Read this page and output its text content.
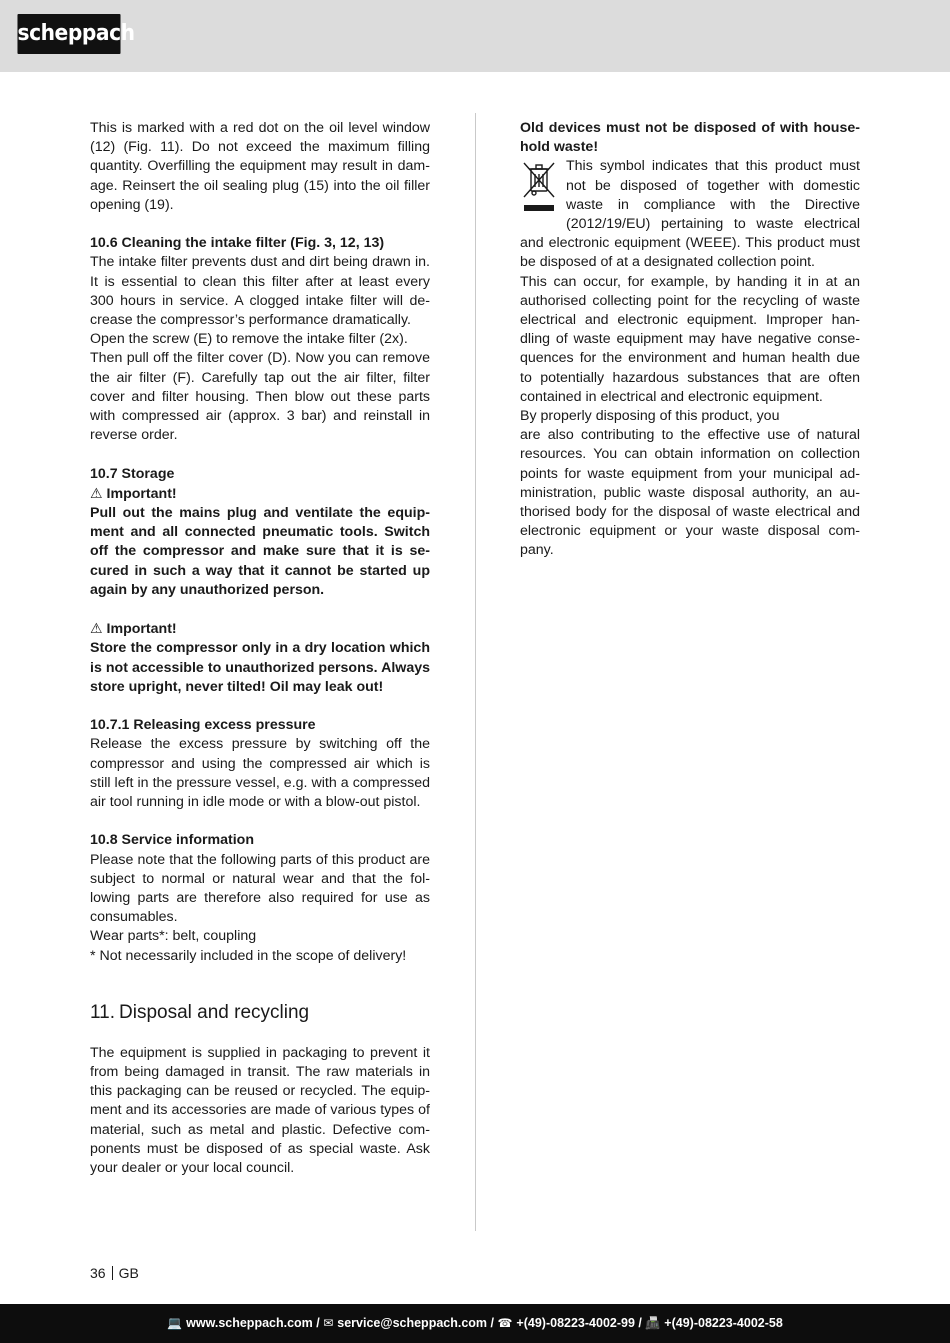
scheppach

This is marked with a red dot on the oil level window (12) (Fig. 11). Do not exceed the maximum filling quantity. Overfilling the equipment may result in damage. Reinsert the oil sealing plug (15) into the oil filler opening (19).

10.6 Cleaning the intake filter (Fig. 3, 12, 13)

The intake filter prevents dust and dirt being drawn in. It is essential to clean this filter after at least every 300 hours in service. A clogged intake filter will decrease the compressor’s performance dramatically.

Open the screw (E) to remove the intake filter (2x).

Then pull off the filter cover (D). Now you can remove the air filter (F). Carefully tap out the air filter, filter cover and filter housing. Then blow out these parts with compressed air (approx. 3 bar) and reinstall in reverse order.

10.7 Storage

⚠ Important!

Pull out the mains plug and ventilate the equipment and all connected pneumatic tools. Switch off the compressor and make sure that it is secured in such a way that it cannot be started up again by any unauthorized person.

⚠ Important!

Store the compressor only in a dry location which is not accessible to unauthorized persons. Always store upright, never tilted! Oil may leak out!

10.7.1 Releasing excess pressure

Release the excess pressure by switching off the compressor and using the compressed air which is still left in the pressure vessel, e.g. with a compressed air tool running in idle mode or with a blow-out pistol.

10.8 Service information

Please note that the following parts of this product are subject to normal or natural wear and that the following parts are therefore also required for use as consumables.

Wear parts*: belt, coupling

* Not necessarily included in the scope of delivery!

11. Disposal and recycling

The equipment is supplied in packaging to prevent it from being damaged in transit. The raw materials in this packaging can be reused or recycled. The equipment and its accessories are made of various types of material, such as metal and plastic. Defective components must be disposed of as special waste. Ask your dealer or your local council.

Old devices must not be disposed of with household waste!

This symbol indicates that this product must not be disposed of together with domestic waste in compliance with the Directive (2012/19/EU) pertaining to waste electrical and electronic equipment (WEEE). This product must be disposed of at a designated collection point.

This can occur, for example, by handing it in at an authorised collecting point for the recycling of waste electrical and electronic equipment. Improper handling of waste equipment may have negative consequences for the environment and human health due to potentially hazardous substances that are often contained in electrical and electronic equipment.

By properly disposing of this product, you

are also contributing to the effective use of natural resources. You can obtain information on collection points for waste equipment from your municipal administration, public waste disposal authority, an authorised body for the disposal of waste electrical and electronic equipment or your waste disposal company.

36 GB
💻 www.scheppach.com / ✉ service@scheppach.com / ☎ +(49)-08223-4002-99 / 📠 +(49)-08223-4002-58
